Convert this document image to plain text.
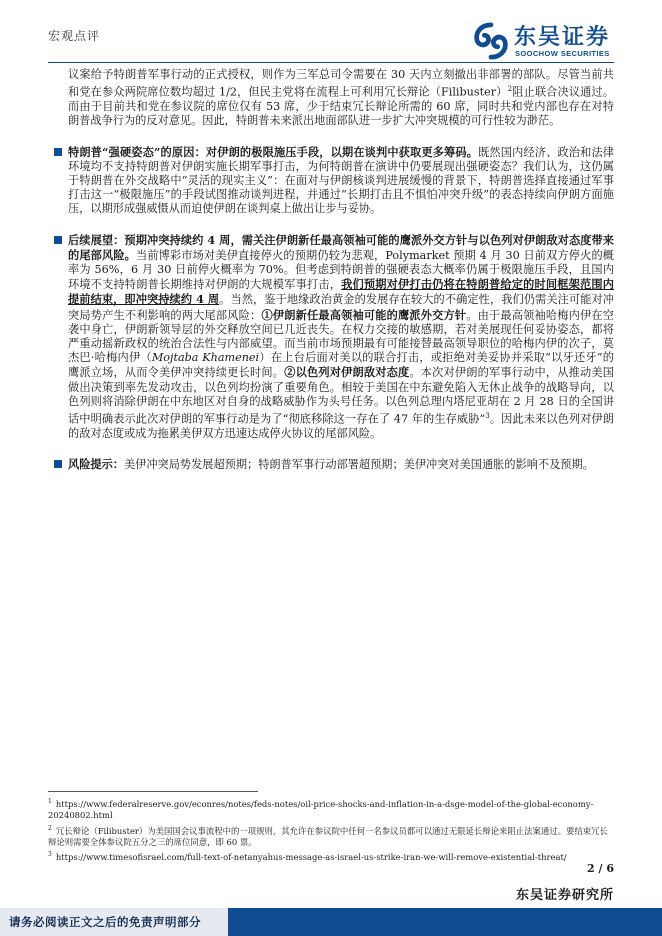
宏观点评	东吴证券
SOOCHOW SECURITIES
议案给予特朗普军事行动的正式授权，则作为三军总司令需要在 30 天内立刻撤出非部署的部队。尽管当前共和党在参众两院席位数均超过 1/2，但民主党将在流程上可利用冗长辩论（Filibuster）$^2$阻止联合决议通过。而由于目前共和党在参议院的席位仅有 53 席，少于结束冗长辩论所需的 60 席，同时共和党内部也存在对特朗普战争行为的反对意见。因此，特朗普未来派出地面部队进一步扩大冲突规模的可行性较为渺茫。
特朗普“强硬姿态”的原因：对伊朗的极限施压手段，以期在谈判中获取更多筹码。既然国内经济、政治和法律环境均不支持特朗普对伊朗实施长期军事打击，为何特朗普在演讲中仍要展现出强硬姿态？我们认为，这仍属于特朗普在外交战略中“灵活的现实主义”：在面对与伊朗核谈判进展缓慢的背景下，特朗普选择直接通过军事打击这一“极限施压”的手段试图推动谈判进程，并通过“长期打击且不惧怕冲突升级”的表态持续向伊朗方面施压，以期形成强威慑从而迫使伊朗在谈判桌上做出让步与妥协。
后续展望：预期冲突持续约 4 周，需关注伊朗新任最高领袖可能的鹰派外交方针与以色列对伊朗敌对态度带来的尾部风险。当前博彩市场对美伊直接停火的预期仍较为悲观，Polymarket 预期 4 月 30 日前双方停火的概率为 56%，6 月 30 日前停火概率为 70%。但考虑到特朗普的强硬表态大概率仍属于极限施压手段，且国内环境不支持特朗普长期维持对伊朗的大规模军事打击，我们预期对伊打击仍将在特朗普给定的时间框架范围内提前结束，即冲突持续约 4 周。当然，鉴于地缘政治黄金的发展存在较大的不确定性，我们仍需关注可能对冲突局势产生不利影响的两大尾部风险：①伊朗新任最高领袖可能的鹰派外交方针。由于最高领袖哈梅内伊在空袭中身亡，伊朗新领导层的外交释放空间已几近丧失。在权力交接的敏感期，若对美展现任何妥协姿态，都将严重动摇新政权的统治合法性与内部威望。而当前市场预期最有可能接替最高领导职位的哈梅内伊的次子，莫杰巴·哈梅内伊（Mojtaba Khamenei）在上台后面对美以的联合打击，或拒绝对美妥协并采取“以牙还牙”的鹰派立场，从而令美伊冲突持续更长时间。②以色列对伊朗敌对态度。本次对伊朗的军事行动中，从推动美国做出决策到率先发动攻击，以色列均扮演了重要角色。相较于美国在中东避免陷入无休止战争的战略导向，以色列则将消除伊朗在中东地区对自身的战略威胁作为头号任务。以色列总理内塔尼亚胡在 2 月 28 日的全国讲话中明确表示此次对伊朗的军事行动是为了“彻底移除这一存在了 47 年的生存威胁”$^3$。因此未来以色列对伊朗的敌对态度或成为拖累美伊双方迅速达成停火协议的尾部风险。
风险提示：美伊冲突局势发展超预期；特朗普军事行动部署超预期；美伊冲突对美国通胀的影响不及预期。
$^1$ https://www.federalreserve.gov/econres/notes/feds-notes/oil-price-shocks-and-inflation-in-a-dsge-model-of-the-global-economy-20240802.html
$^2$ 冗长辩论（Filibuster）为美国国会议事流程中的一项规则，其允许在参议院中任何一名参议员都可以通过无限延长辩论来阻止法案通过。要结束冗长辩论则需要全体参议院五分之三的席位同意，即 60 票。
$^3$ https://www.timesofisrael.com/full-text-of-netanyahus-message-as-israel-us-strike-iran-we-will-remove-existential-threat/
2 / 6
东吴证券研究所
请务必阅读正文之后的免责声明部分
